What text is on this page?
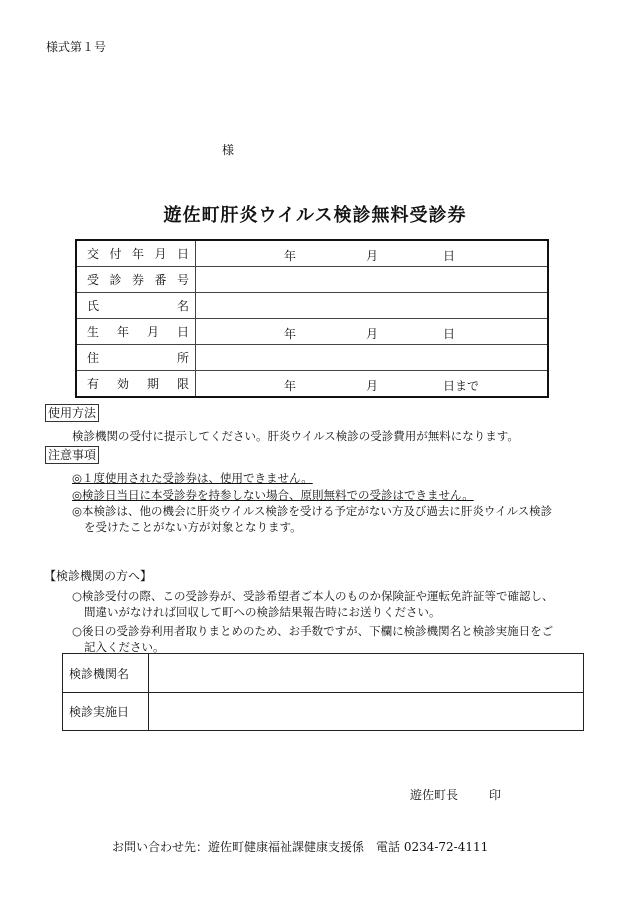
様式第１号
様
遊佐町肝炎ウイルス検診無料受診券
交 付 年 月 日	年 月 日

受 診 券 番 号	

氏 名	

生 年 月 日	年 月 日

住 所	

有 効 期 限	年 月 日まで
使用方法
検診機関の受付に提示してください。肝炎ウイルス検診の受診費用が無料になります。
注意事項
◎１度使用された受診券は、使用できません。
◎検診日当日に本受診券を持参しない場合、原則無料での受診はできません。
◎本検診は、他の機会に肝炎ウイルス検診を受ける予定がない方及び過去に肝炎ウイルス検診
を受けたことがない方が対象となります。
【検診機関の方へ】
○検診受付の際、この受診券が、受診希望者ご本人のものか保険証や運転免許証等で確認し、
間違いがなければ回収して町への検診結果報告時にお送りください。
○後日の受診券利用者取りまとめのため、お手数ですが、下欄に検診機関名と検診実施日をご
記入ください。
検診機関名	
検診実施日	
遊佐町長	印
お問い合わせ先：遊佐町健康福祉課健康支援係　電話 0234-72-4111
